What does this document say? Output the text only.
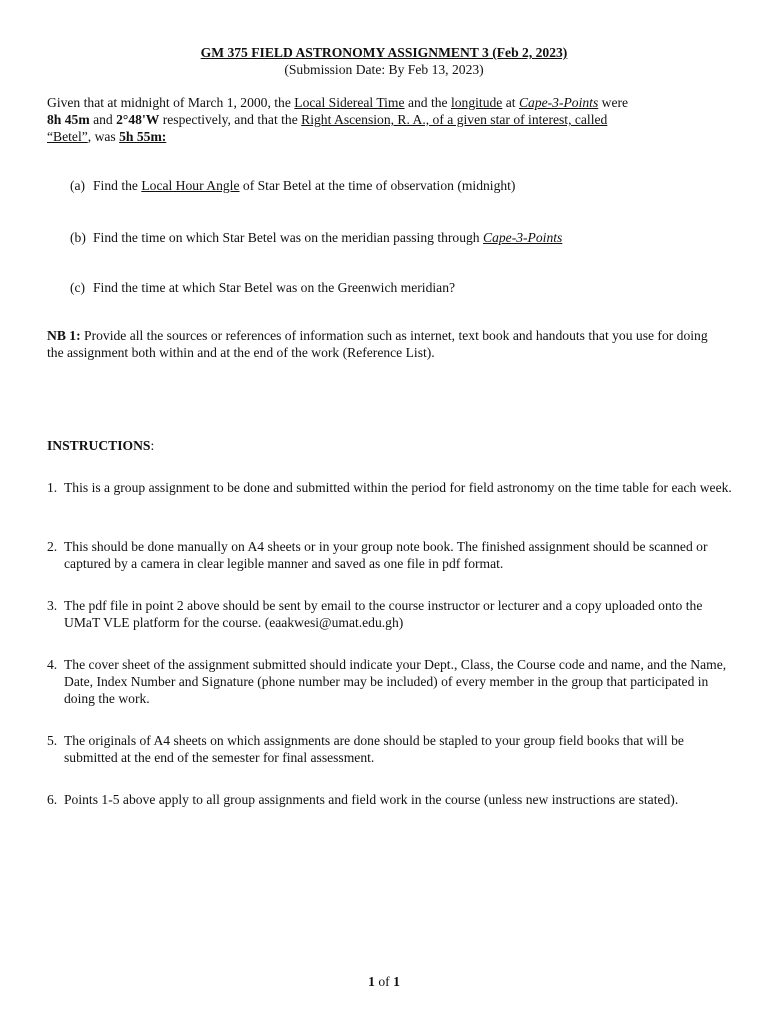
GM 375 FIELD ASTRONOMY ASSIGNMENT 3 (Feb 2, 2023)
(Submission Date: By Feb 13, 2023)
Given that at midnight of March 1, 2000, the Local Sidereal Time and the longitude at Cape-3-Points were
8h 45m and 2°48'W respectively, and that the Right Ascension, R. A., of a given star of interest, called
“Betel”, was 5h 55m:
(a) Find the Local Hour Angle of Star Betel at the time of observation (midnight)
(b) Find the time on which Star Betel was on the meridian passing through Cape-3-Points
(c) Find the time at which Star Betel was on the Greenwich meridian?
NB 1: Provide all the sources or references of information such as internet, text book and handouts that you use for doing the assignment both within and at the end of the work (Reference List).
INSTRUCTIONS:
1. This is a group assignment to be done and submitted within the period for field astronomy on the time table for each week.
2. This should be done manually on A4 sheets or in your group note book. The finished assignment should be scanned or captured by a camera in clear legible manner and saved as one file in pdf format.
3. The pdf file in point 2 above should be sent by email to the course instructor or lecturer and a copy uploaded onto the UMaT VLE platform for the course. (eaakwesi@umat.edu.gh)
4. The cover sheet of the assignment submitted should indicate your Dept., Class, the Course code and name, and the Name, Date, Index Number and Signature (phone number may be included) of every member in the group that participated in doing the work.
5. The originals of A4 sheets on which assignments are done should be stapled to your group field books that will be submitted at the end of the semester for final assessment.
6. Points 1-5 above apply to all group assignments and field work in the course (unless new instructions are stated).
1 of 1
